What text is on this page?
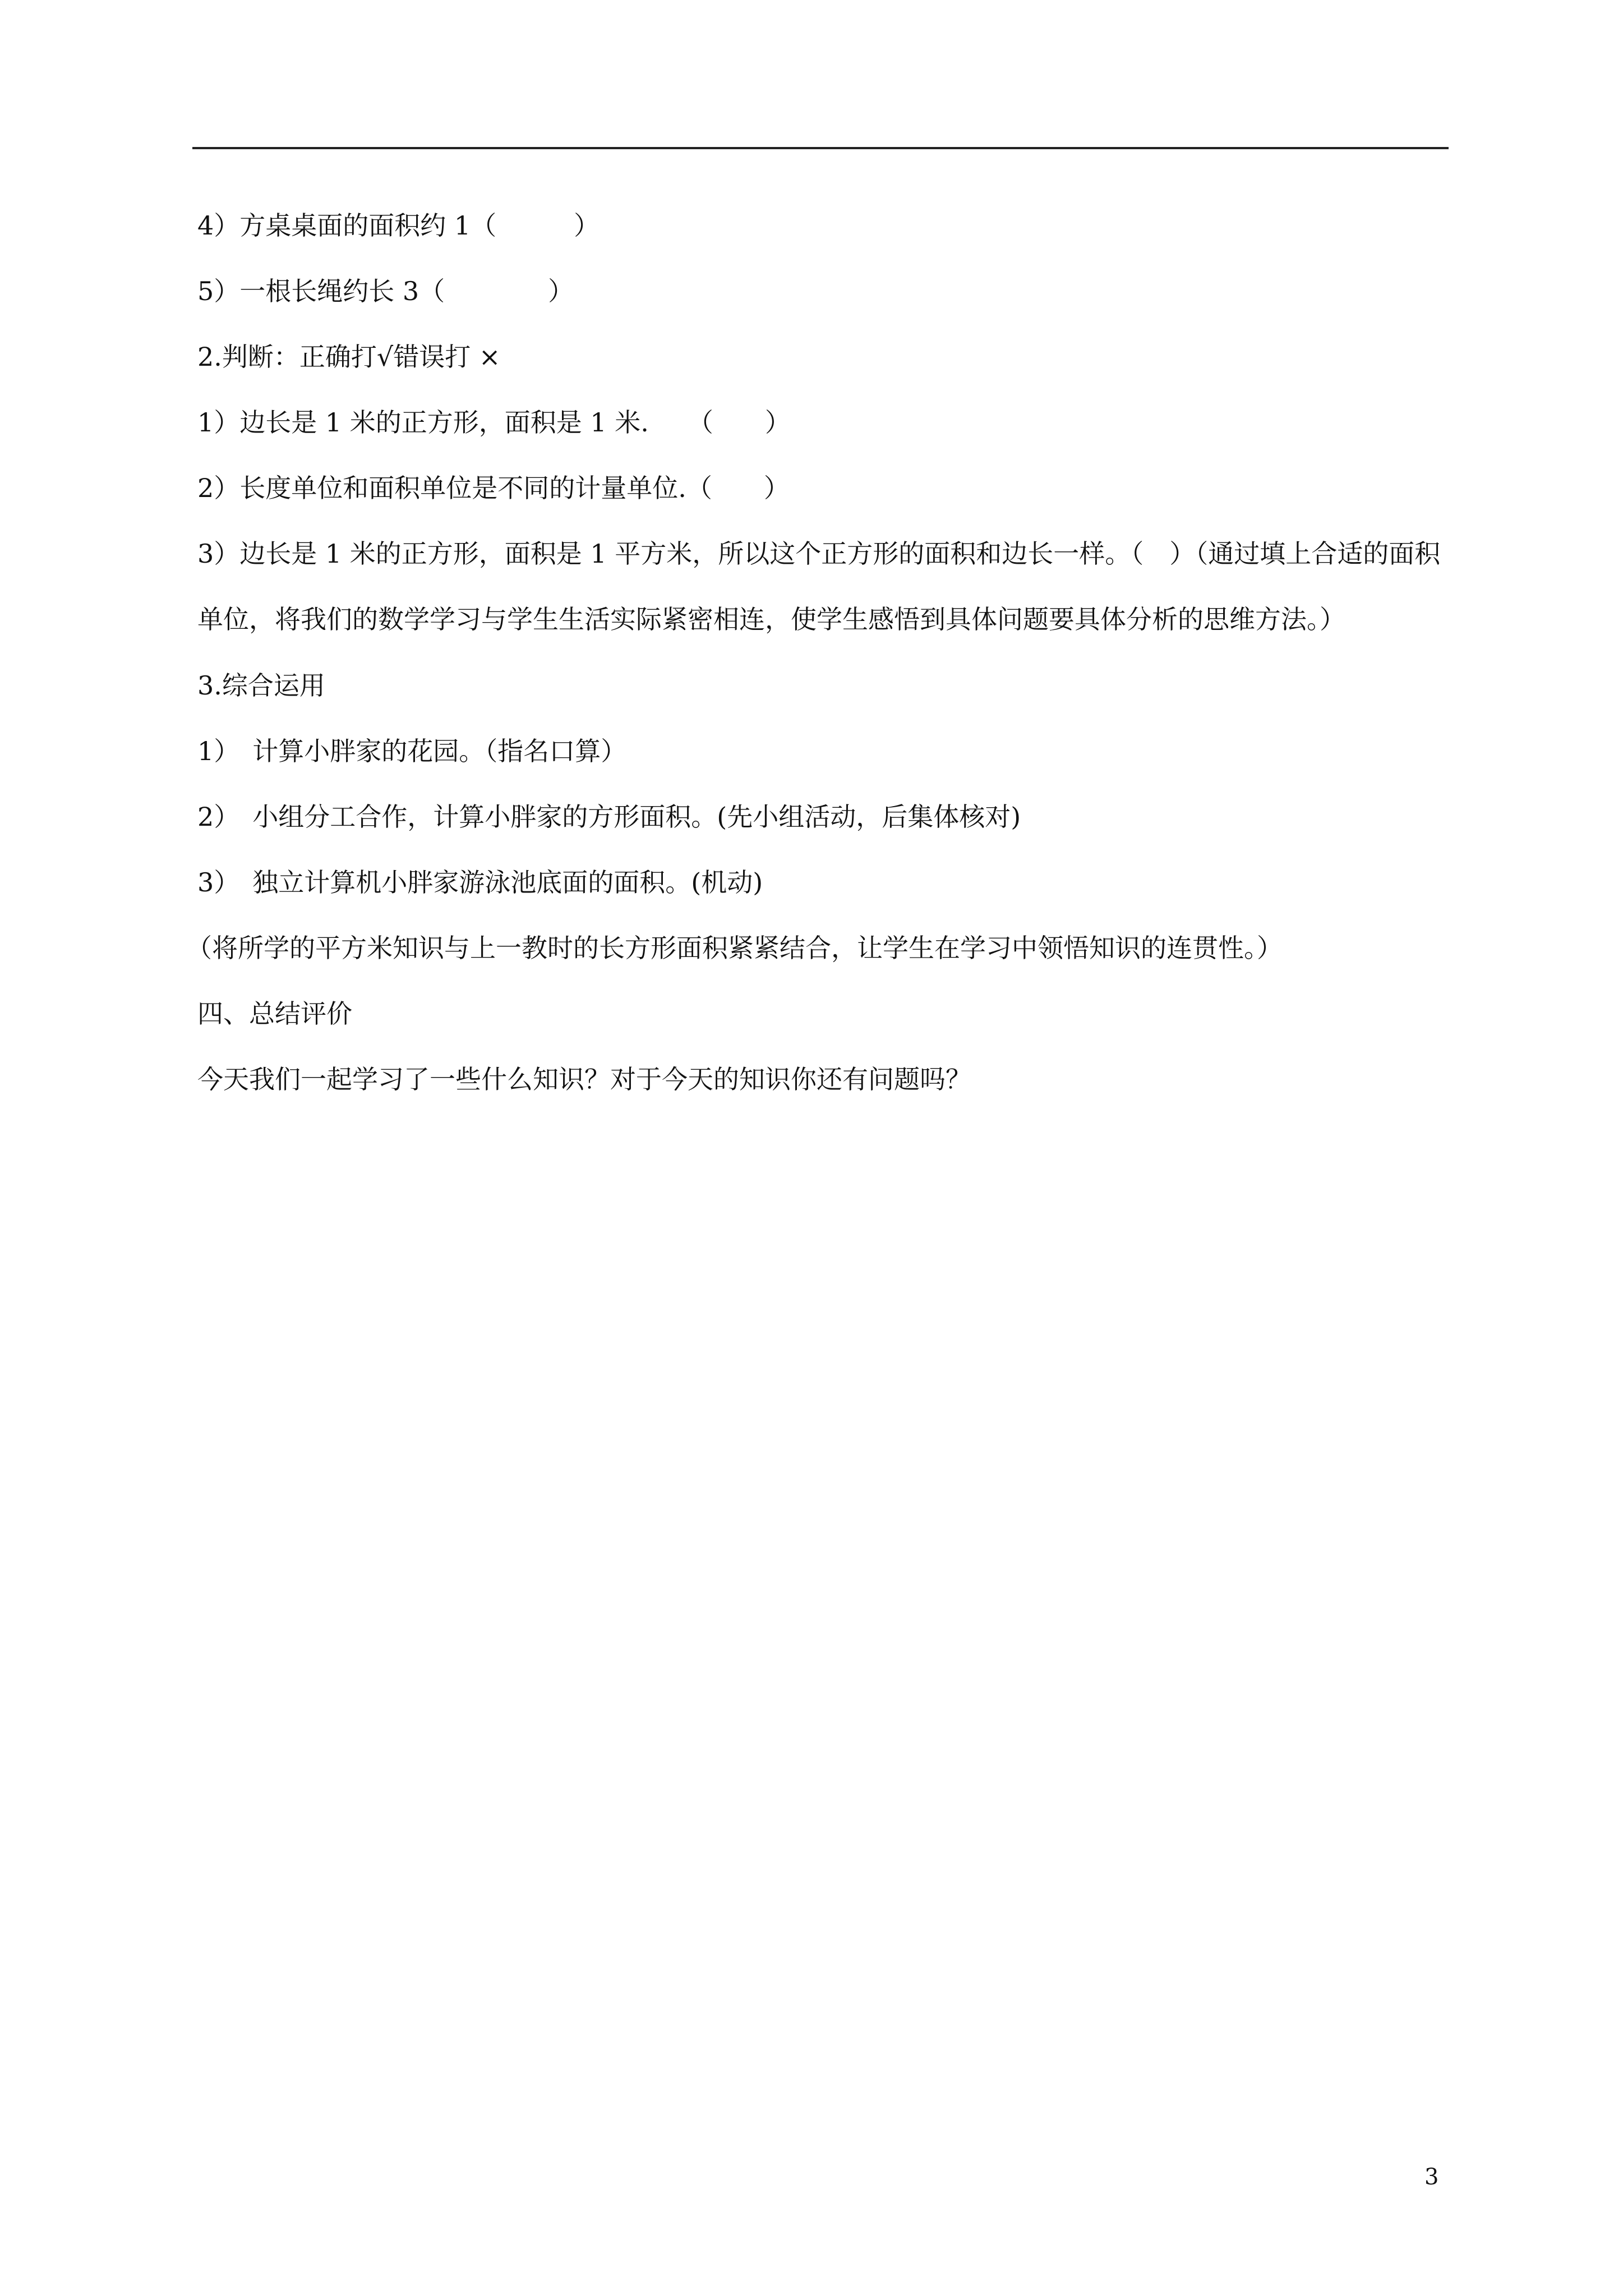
4）方桌桌面的面积约 1（　　　）

5）一根长绳约长 3（　　　　）

2.判断：正确打√错误打 ×

1）边长是 1 米的正方形，面积是 1 米.　　（　　）

2）长度单位和面积单位是不同的计量单位.（　　）

3）边长是 1 米的正方形，面积是 1 平方米，所以这个正方形的面积和边长一样。（　）（通过填上合适的面积单位，将我们的数学学习与学生生活实际紧密相连，使学生感悟到具体问题要具体分析的思维方法。）

3.综合运用

1）　计算小胖家的花园。（指名口算）

2）　小组分工合作，计算小胖家的方形面积。(先小组活动，后集体核对)

3）　独立计算机小胖家游泳池底面的面积。(机动)

（将所学的平方米知识与上一教时的长方形面积紧紧结合，让学生在学习中领悟知识的连贯性。）

四、总结评价

今天我们一起学习了一些什么知识？对于今天的知识你还有问题吗？

3
